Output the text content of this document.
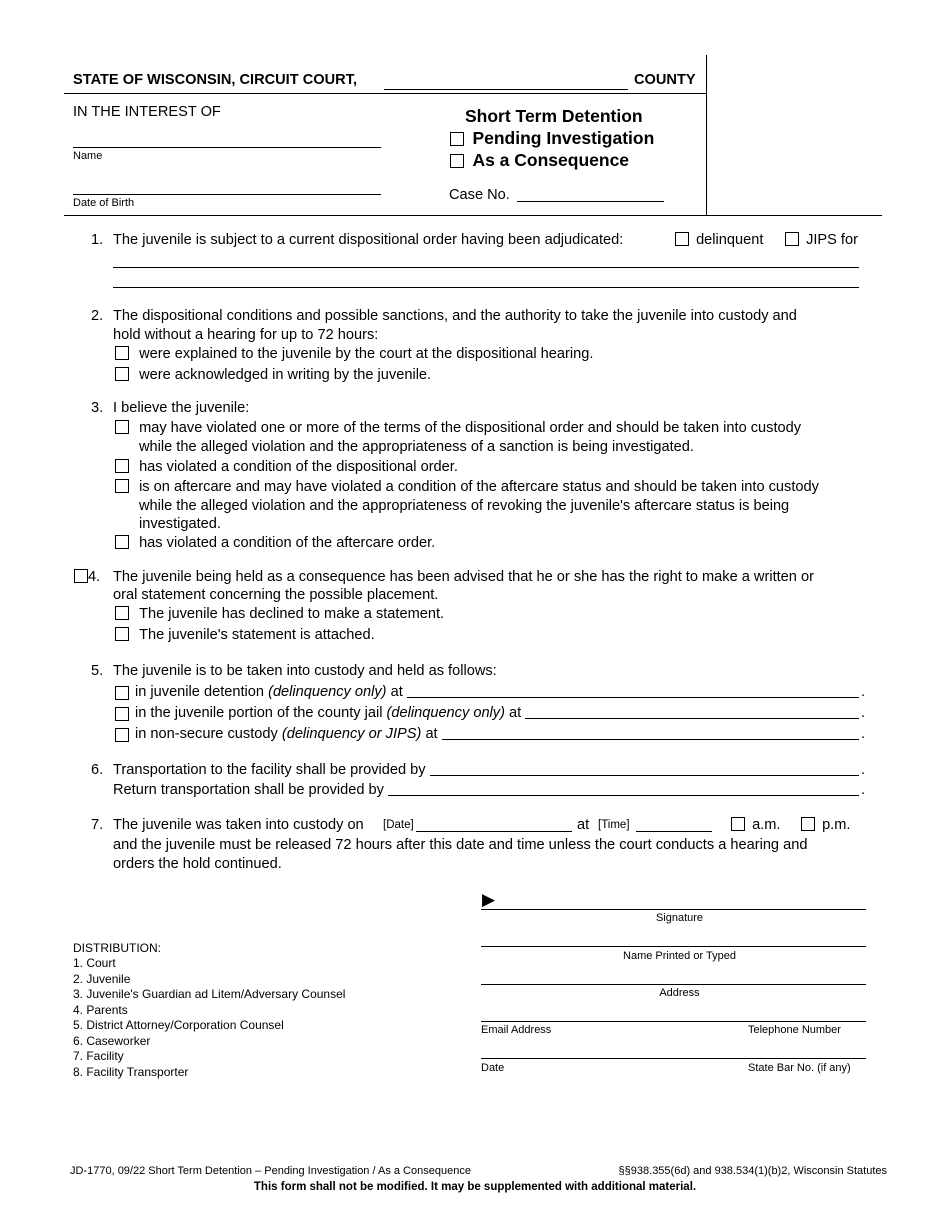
STATE OF WISCONSIN, CIRCUIT COURT,	COUNTY
IN THE INTEREST OF
Name
Date of Birth
Short Term Detention
Pending Investigation
As a Consequence
Case No.
1. The juvenile is subject to a current dispositional order having been adjudicated:	delinquent	JIPS for
2. The dispositional conditions and possible sanctions, and the authority to take the juvenile into custody and
hold without a hearing for up to 72 hours:
were explained to the juvenile by the court at the dispositional hearing.
were acknowledged in writing by the juvenile.
3. I believe the juvenile:
may have violated one or more of the terms of the dispositional order and should be taken into custody
while the alleged violation and the appropriateness of a sanction is being investigated.
has violated a condition of the dispositional order.
is on aftercare and may have violated a condition of the aftercare status and should be taken into custody
while the alleged violation and the appropriateness of revoking the juvenile's aftercare status is being
investigated.
has violated a condition of the aftercare order.
4. The juvenile being held as a consequence has been advised that he or she has the right to make a written or
oral statement concerning the possible placement.
The juvenile has declined to make a statement.
The juvenile's statement is attached.
5. The juvenile is to be taken into custody and held as follows:
in juvenile detention
(delinquency only)
at	.
in the juvenile portion of the county jail
(delinquency only)
at	.
in non-secure custody
(delinquency or JIPS)
at	.
6. Transportation to the facility shall be provided by	.
Return transportation shall be provided by	.
7. The juvenile was taken into custody on [Date]	at [Time]	a.m.	p.m.
and the juvenile must be released 72 hours after this date and time unless the court conducts a hearing and
orders the hold continued.
▶
Signature
Name Printed or Typed
Address
Email Address	Telephone Number
Date	State Bar No. (if any)
DISTRIBUTION:
1. Court
2. Juvenile
3. Juvenile's Guardian ad Litem/Adversary Counsel
4. Parents
5. District Attorney/Corporation Counsel
6. Caseworker
7. Facility
8. Facility Transporter
JD-1770, 09/22 Short Term Detention – Pending Investigation / As a Consequence	§§938.355(6d) and 938.534(1)(b)2, Wisconsin Statutes
This form shall not be modified. It may be supplemented with additional material.
